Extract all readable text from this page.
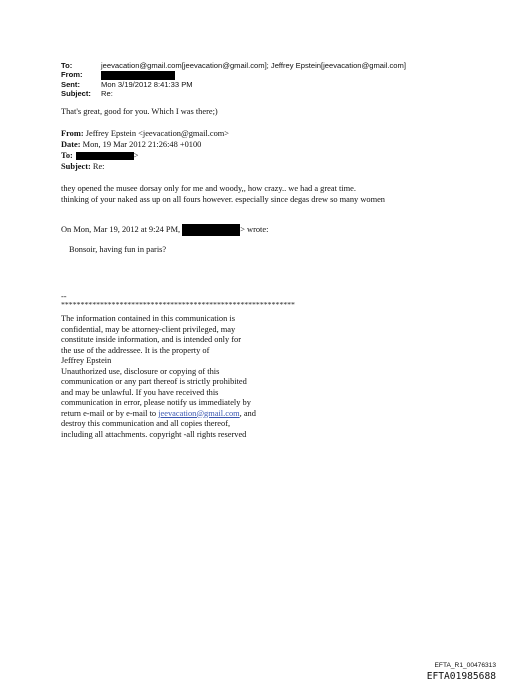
To:	jeevacation@gmail.com[jeevacation@gmail.com]; Jeffrey Epstein[jeevacation@gmail.com]
From:
Sent:	Mon 3/19/2012 8:41:33 PM
Subject: Re:
That's great, good for you. Which I was there;)
From: Jeffrey Epstein <jeevacation@gmail.com>
Date: Mon, 19 Mar 2012 21:26:48 +0100
To:	>
Subject: Re:
they opened the musee dorsay only for me and woody,, how crazy.. we had a great time.
thinking of your naked ass up on all fours however. especially since degas drew so many women
On Mon, Mar 19, 2012 at 9:24 PM,	> wrote:
Bonsoir, having fun in paris?
--
************************************************************
The information contained in this communication is
confidential, may be attorney-client privileged, may
constitute inside information, and is intended only for
the use of the addressee. It is the property of
Jeffrey Epstein
Unauthorized use, disclosure or copying of this
communication or any part thereof is strictly prohibited
and may be unlawful. If you have received this
communication in error, please notify us immediately by
return e-mail or by e-mail to jeevacation@gmail.com, and
destroy this communication and all copies thereof,
including all attachments. copyright -all rights reserved
EFTA_R1_00476313
EFTA01985688
